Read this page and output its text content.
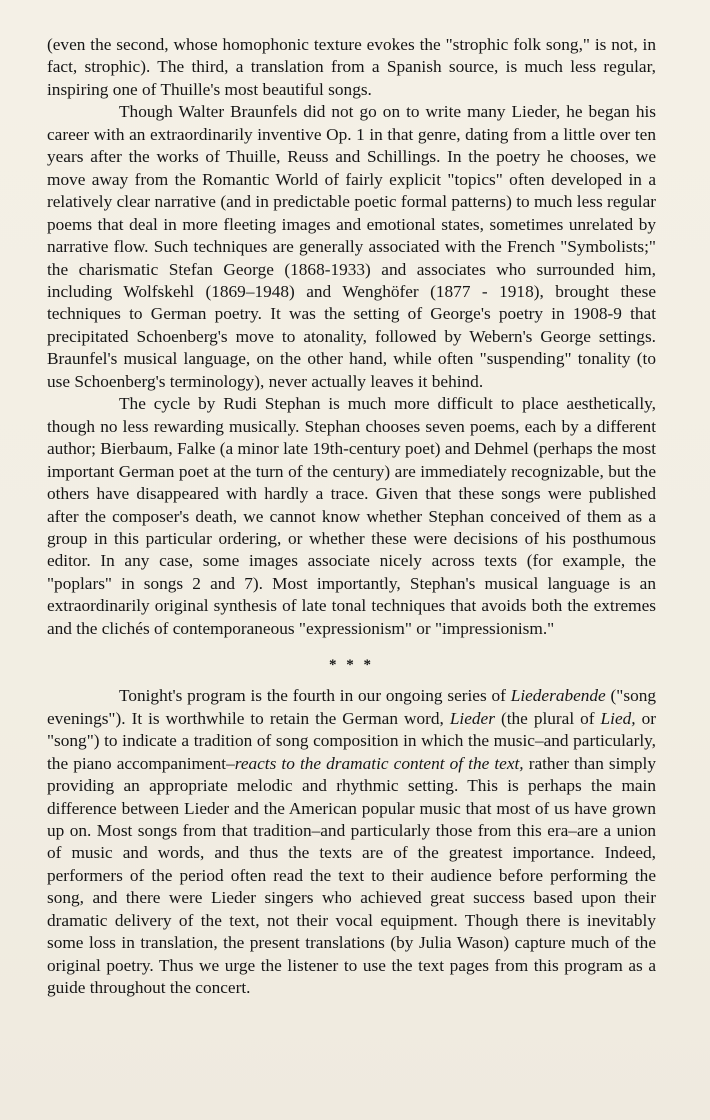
(even the second, whose homophonic texture evokes the "strophic folk song," is not, in fact, strophic). The third, a translation from a Spanish source, is much less regular, inspiring one of Thuille's most beautiful songs.

Though Walter Braunfels did not go on to write many Lieder, he began his career with an extraordinarily inventive Op. 1 in that genre, dating from a little over ten years after the works of Thuille, Reuss and Schillings. In the poetry he chooses, we move away from the Romantic World of fairly explicit "topics" often developed in a relatively clear narrative (and in predictable poetic formal patterns) to much less regular poems that deal in more fleeting images and emotional states, sometimes unrelated by narrative flow. Such techniques are generally associated with the French "Symbolists;" the charismatic Stefan George (1868-1933) and associates who surrounded him, including Wolfskehl (1869–1948) and Wenghöfer (1877 - 1918), brought these techniques to German poetry. It was the setting of George's poetry in 1908-9 that precipitated Schoenberg's move to atonality, followed by Webern's George settings. Braunfel's musical language, on the other hand, while often "suspending" tonality (to use Schoenberg's terminology), never actually leaves it behind.

The cycle by Rudi Stephan is much more difficult to place aesthetically, though no less rewarding musically. Stephan chooses seven poems, each by a different author; Bierbaum, Falke (a minor late 19th-century poet) and Dehmel (perhaps the most important German poet at the turn of the century) are immediately recognizable, but the others have disappeared with hardly a trace. Given that these songs were published after the composer's death, we cannot know whether Stephan conceived of them as a group in this particular ordering, or whether these were decisions of his posthumous editor. In any case, some images associate nicely across texts (for example, the "poplars" in songs 2 and 7). Most importantly, Stephan's musical language is an extraordinarily original synthesis of late tonal techniques that avoids both the extremes and the clichés of contemporaneous "expressionism" or "impressionism."

* * *

Tonight's program is the fourth in our ongoing series of Liederabende ("song evenings"). It is worthwhile to retain the German word, Lieder (the plural of Lied, or "song") to indicate a tradition of song composition in which the music–and particularly, the piano accompaniment–reacts to the dramatic content of the text, rather than simply providing an appropriate melodic and rhythmic setting. This is perhaps the main difference between Lieder and the American popular music that most of us have grown up on. Most songs from that tradition–and particularly those from this era–are a union of music and words, and thus the texts are of the greatest importance. Indeed, performers of the period often read the text to their audience before performing the song, and there were Lieder singers who achieved great success based upon their dramatic delivery of the text, not their vocal equipment. Though there is inevitably some loss in translation, the present translations (by Julia Wason) capture much of the original poetry. Thus we urge the listener to use the text pages from this program as a guide throughout the concert.
